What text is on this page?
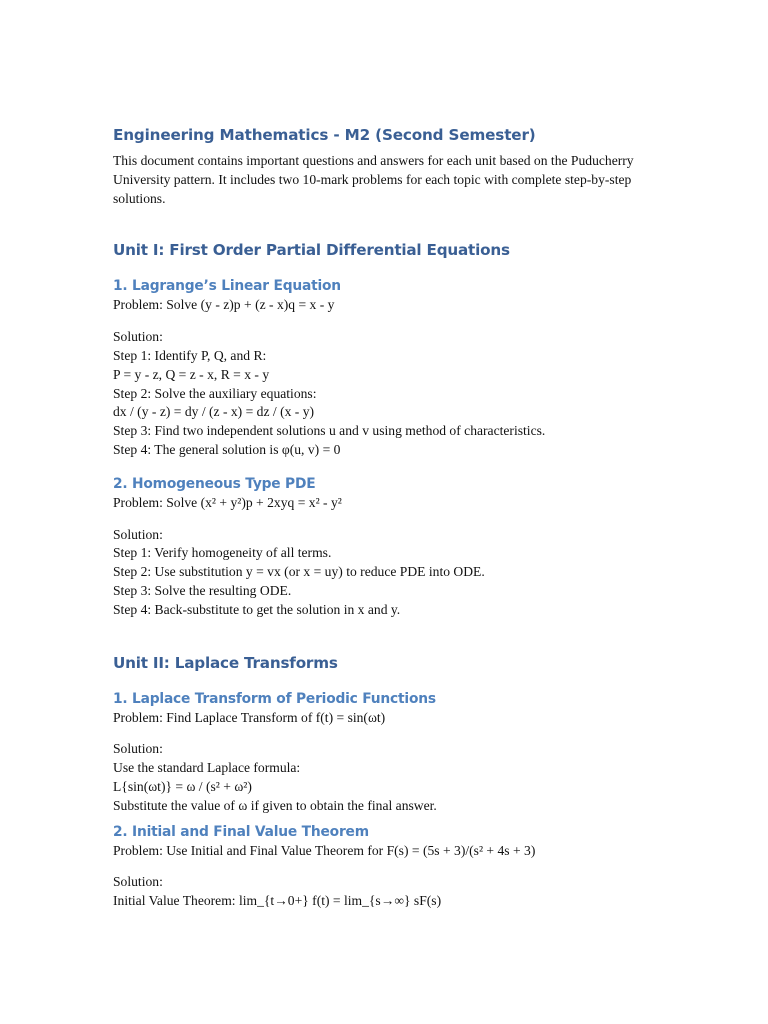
Engineering Mathematics - M2 (Second Semester)

This document contains important questions and answers for each unit based on the Puducherry

University pattern. It includes two 10-mark problems for each topic with complete step-by-step

solutions.

Unit I: First Order Partial Differential Equations
1. Lagrange’s Linear Equation

Problem: Solve (y - z)p + (z - x)q = x - y

Solution:

Step 1: Identify P, Q, and R:

P = y - z, Q = z - x, R = x - y

Step 2: Solve the auxiliary equations:

dx / (y - z) = dy / (z - x) = dz / (x - y)

Step 3: Find two independent solutions u and v using method of characteristics.

Step 4: The general solution is φ(u, v) = 0

2. Homogeneous Type PDE

Problem: Solve (x² + y²)p + 2xyq = x² - y²

Solution:

Step 1: Verify homogeneity of all terms.

Step 2: Use substitution y = vx (or x = uy) to reduce PDE into ODE.

Step 3: Solve the resulting ODE.

Step 4: Back-substitute to get the solution in x and y.

Unit II: Laplace Transforms
1. Laplace Transform of Periodic Functions

Problem: Find Laplace Transform of f(t) = sin(ωt)

Solution:

Use the standard Laplace formula:

L{sin(ωt)} = ω / (s² + ω²)

Substitute the value of ω if given to obtain the final answer.

2. Initial and Final Value Theorem

Problem: Use Initial and Final Value Theorem for F(s) = (5s + 3)/(s² + 4s + 3)

Solution:

Initial Value Theorem: lim_{t→0+} f(t) = lim_{s→∞} sF(s)
